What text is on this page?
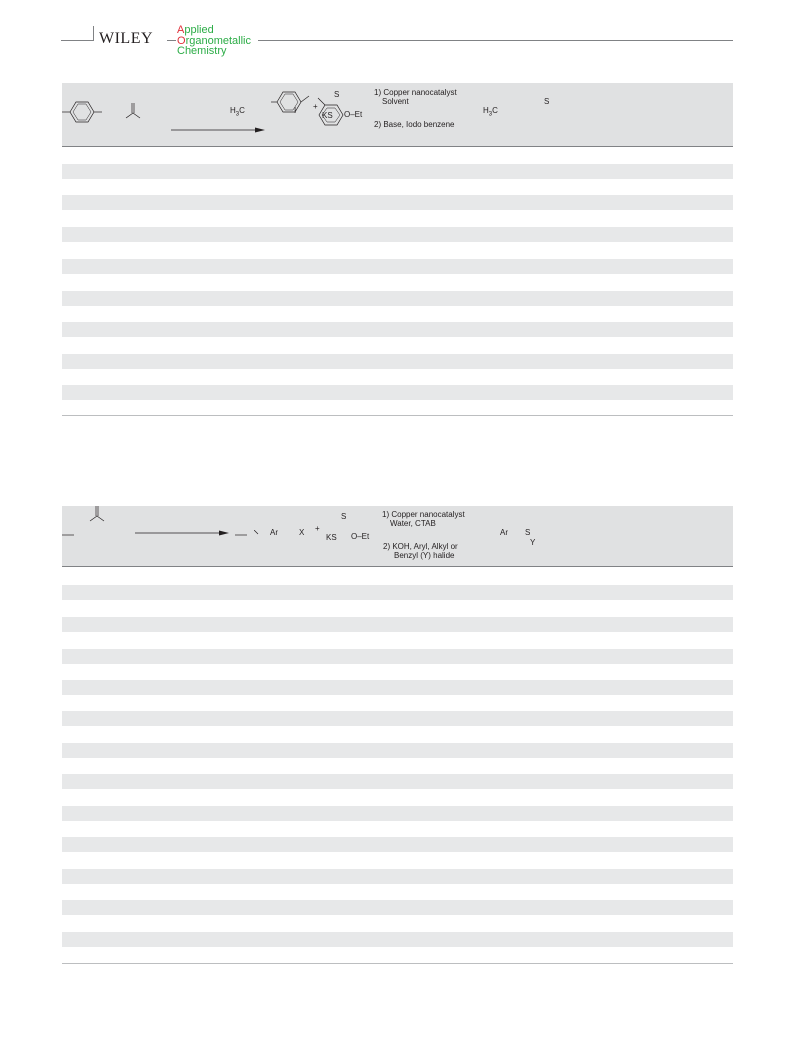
WILEY Applied
Organometallic
Chemistry
$H_3C$
	I +
S

KS O–Et
1) Copper nanocatalyst
Solvent

2) Base, Iodo benzene
$H_3C$
S
Ar
	X +
S

KS O–Et
1) Copper nanocatalyst
Water, CTAB

2) KOH, Aryl, Alkyl or
Benzyl (Y) halide
Ar
S
Y
